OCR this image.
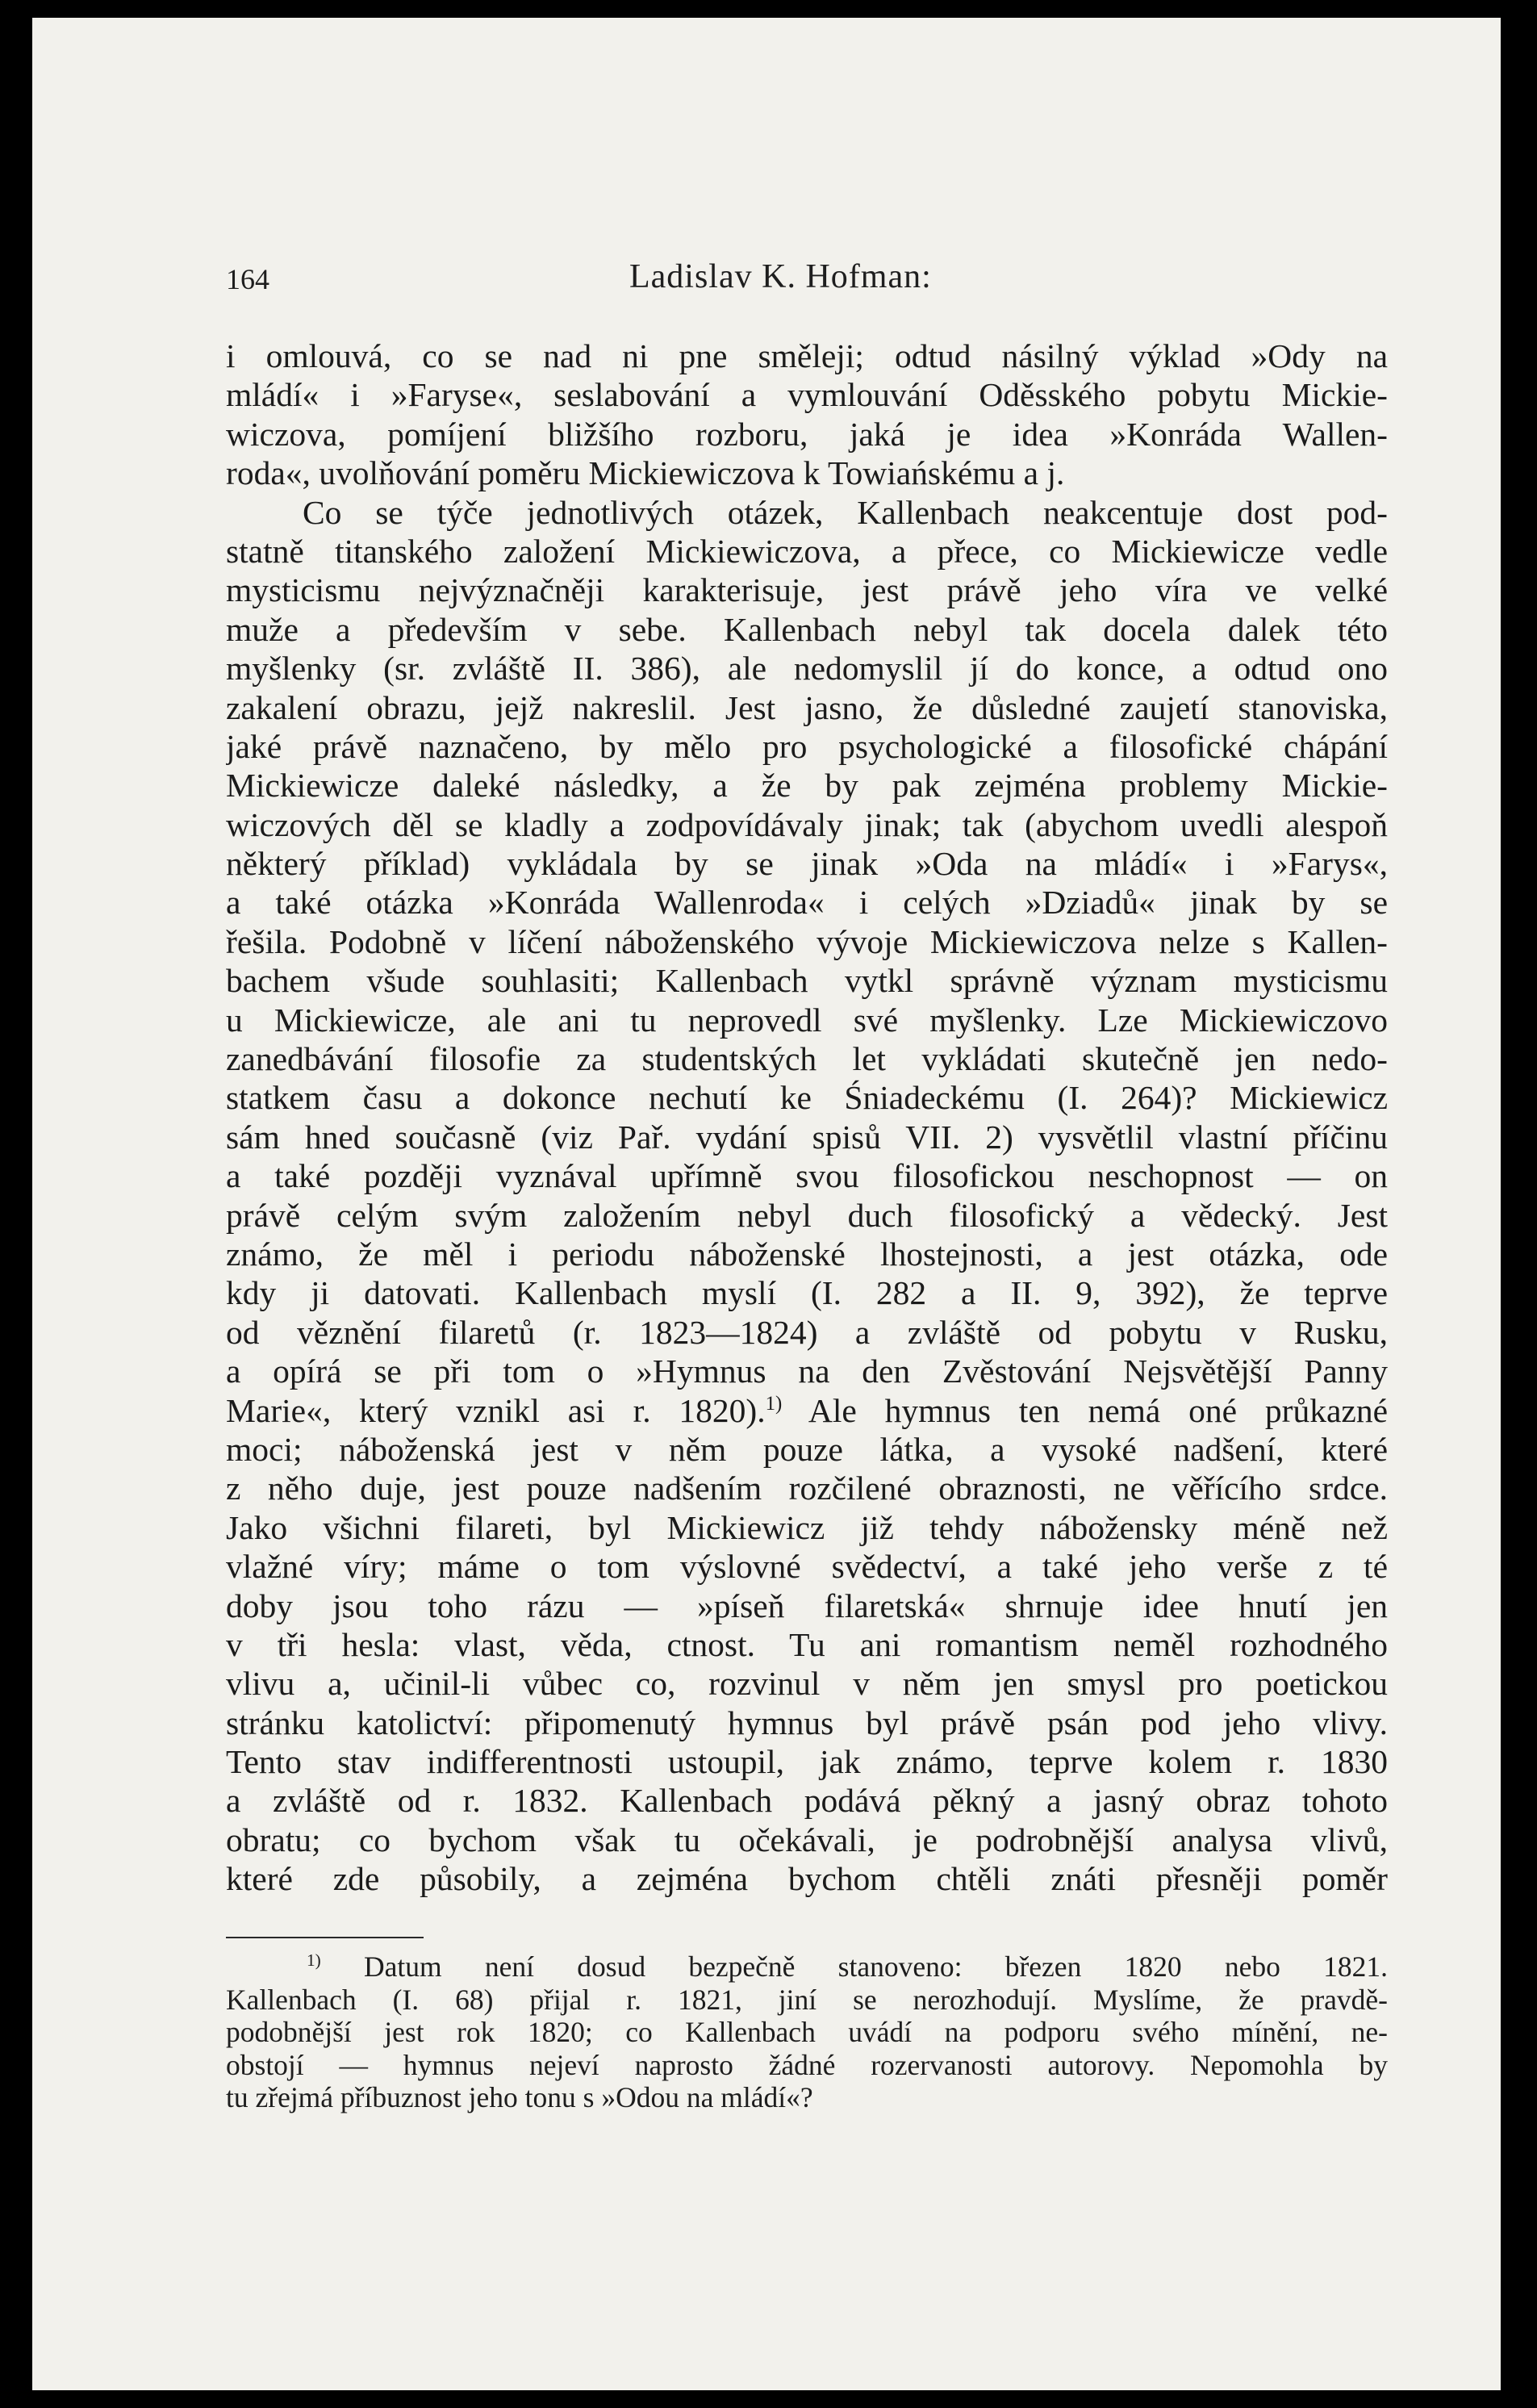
164	Ladislav K. Hofman:
i omlouvá, co se nad ni pne směleji; odtud násilný výklad »Ody na
mládí« i »Faryse«, seslabování a vymlouvání Oděsského pobytu Mickie-
wiczova, pomíjení bližšího rozboru, jaká je idea »Konráda Wallen-
roda«, uvolňování poměru Mickiewiczova k Towiańskému a j.
Co se týče jednotlivých otázek, Kallenbach neakcentuje dost pod-
statně titanského založení Mickiewiczova, a přece, co Mickiewicze vedle
mysticismu nejvýznačněji karakterisuje, jest právě jeho víra ve velké
muže a především v sebe. Kallenbach nebyl tak docela dalek této
myšlenky (sr. zvláště II. 386), ale nedomyslil jí do konce, a odtud ono
zakalení obrazu, jejž nakreslil. Jest jasno, že důsledné zaujetí stanoviska,
jaké právě naznačeno, by mělo pro psychologické a filosofické chápání
Mickiewicze daleké následky, a že by pak zejména problemy Mickie-
wiczových děl se kladly a zodpovídávaly jinak; tak (abychom uvedli alespoň
některý příklad) vykládala by se jinak »Oda na mládí« i »Farys«,
a také otázka »Konráda Wallenroda« i celých »Dziadů« jinak by se
řešila. Podobně v líčení náboženského vývoje Mickiewiczova nelze s Kallen-
bachem všude souhlasiti; Kallenbach vytkl správně význam mysticismu
u Mickiewicze, ale ani tu neprovedl své myšlenky. Lze Mickiewiczovo
zanedbávání filosofie za studentských let vykládati skutečně jen nedo-
statkem času a dokonce nechutí ke Śniadeckému (I. 264)? Mickiewicz
sám hned současně (viz Pař. vydání spisů VII. 2) vysvětlil vlastní příčinu
a také později vyznával upřímně svou filosofickou neschopnost — on
právě celým svým založením nebyl duch filosofický a vědecký. Jest
známo, že měl i periodu náboženské lhostejnosti, a jest otázka, ode
kdy ji datovati. Kallenbach myslí (I. 282 a II. 9, 392), že teprve
od věznění filaretů (r. 1823—1824) a zvláště od pobytu v Rusku,
a opírá se při tom o »Hymnus na den Zvěstování Nejsvětější Panny
Marie«, který vznikl asi r. 1820).$^{1)}$ Ale hymnus ten nemá oné průkazné
moci; náboženská jest v něm pouze látka, a vysoké nadšení, které
z něho duje, jest pouze nadšením rozčilené obraznosti, ne věřícího srdce.
Jako všichni filareti, byl Mickiewicz již tehdy nábožensky méně než
vlažné víry; máme o tom výslovné svědectví, a také jeho verše z té
doby jsou toho rázu — »píseň filaretská« shrnuje idee hnutí jen
v tři hesla: vlast, věda, ctnost. Tu ani romantism neměl rozhodného
vlivu a, učinil-li vůbec co, rozvinul v něm jen smysl pro poetickou
stránku katolictví: připomenutý hymnus byl právě psán pod jeho vlivy.
Tento stav indifferentnosti ustoupil, jak známo, teprve kolem r. 1830
a zvláště od r. 1832. Kallenbach podává pěkný a jasný obraz tohoto
obratu; co bychom však tu očekávali, je podrobnější analysa vlivů,
které zde působily, a zejména bychom chtěli znáti přesněji poměr
$^{1)}$ Datum není dosud bezpečně stanoveno: březen 1820 nebo 1821.
Kallenbach (I. 68) přijal r. 1821, jiní se nerozhodují. Myslíme, že pravdě-
podobnější jest rok 1820; co Kallenbach uvádí na podporu svého mínění, ne-
obstojí — hymnus nejeví naprosto žádné rozervanosti autorovy. Nepomohla by
tu zřejmá příbuznost jeho tonu s »Odou na mládí«?
